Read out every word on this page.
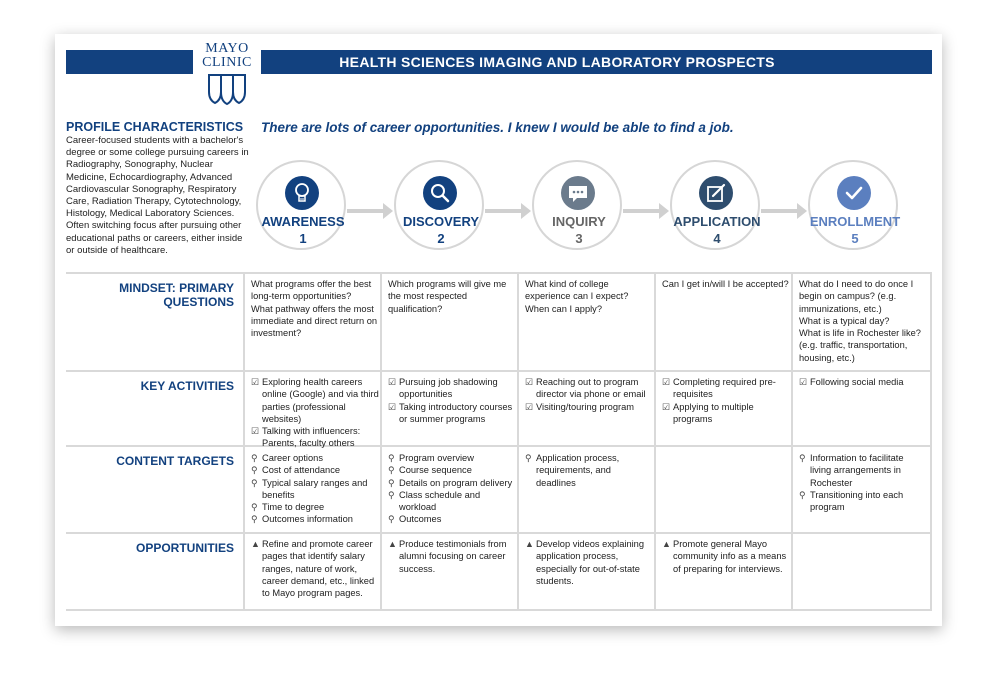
HEALTH SCIENCES IMAGING AND LABORATORY PROSPECTS
MAYO
CLINIC
There are lots of career opportunities. I knew I would be able to find a job.
PROFILE CHARACTERISTICS
Career-focused students with a bachelor's degree or some college pursuing careers in Radiography, Sonography, Nuclear Medicine, Echocardiography, Advanced Cardiovascular Sonography, Respiratory Care, Radiation Therapy, Cytotechnology, Histology, Medical Laboratory Sciences. Often switching focus after pursuing other educational paths or careers, either inside or outside of healthcare.
AWARENESS
1
DISCOVERY
2
INQUIRY
3
APPLICATION
4
ENROLLMENT
5
MINDSET: PRIMARY QUESTIONS
KEY ACTIVITIES
CONTENT TARGETS
OPPORTUNITIES
What programs offer the best long-term opportunities?
What pathway offers the most immediate and direct return on investment?
Which programs will give me the most respected qualification?
What kind of college experience can I expect?
When can I apply?
Can I get in/will I be accepted? What do I need to do once I begin on campus? (e.g. immunizations, etc.)
What is a typical day?
What is life in Rochester like? (e.g. traffic, transportation, housing, etc.)
☑ Exploring health careers online (Google) and via third parties (professional websites)
☑ Talking with influencers: Parents, faculty others
☑ Pursuing job shadowing opportunities
☑ Taking introductory courses or summer programs
☑ Reaching out to program director via phone or email
☑ Visiting/touring program
☑ Completing required pre-requisites
☑ Applying to multiple programs
☑ Following social media
⚲ Career options
⚲ Cost of attendance
⚲ Typical salary ranges and benefits
⚲ Time to degree
⚲ Outcomes information
⚲ Program overview
⚲ Course sequence
⚲ Details on program delivery
⚲ Class schedule and workload
⚲ Outcomes
⚲ Application process, requirements, and deadlines
⚲ Information to facilitate living arrangements in Rochester
⚲ Transitioning into each program
▲ Refine and promote career pages that identify salary ranges, nature of work, career demand, etc., linked to Mayo program pages.
▲ Produce testimonials from alumni focusing on career success.
▲ Develop videos explaining application process, especially for out-of-state students.
▲ Promote general Mayo community info as a means of preparing for interviews.
